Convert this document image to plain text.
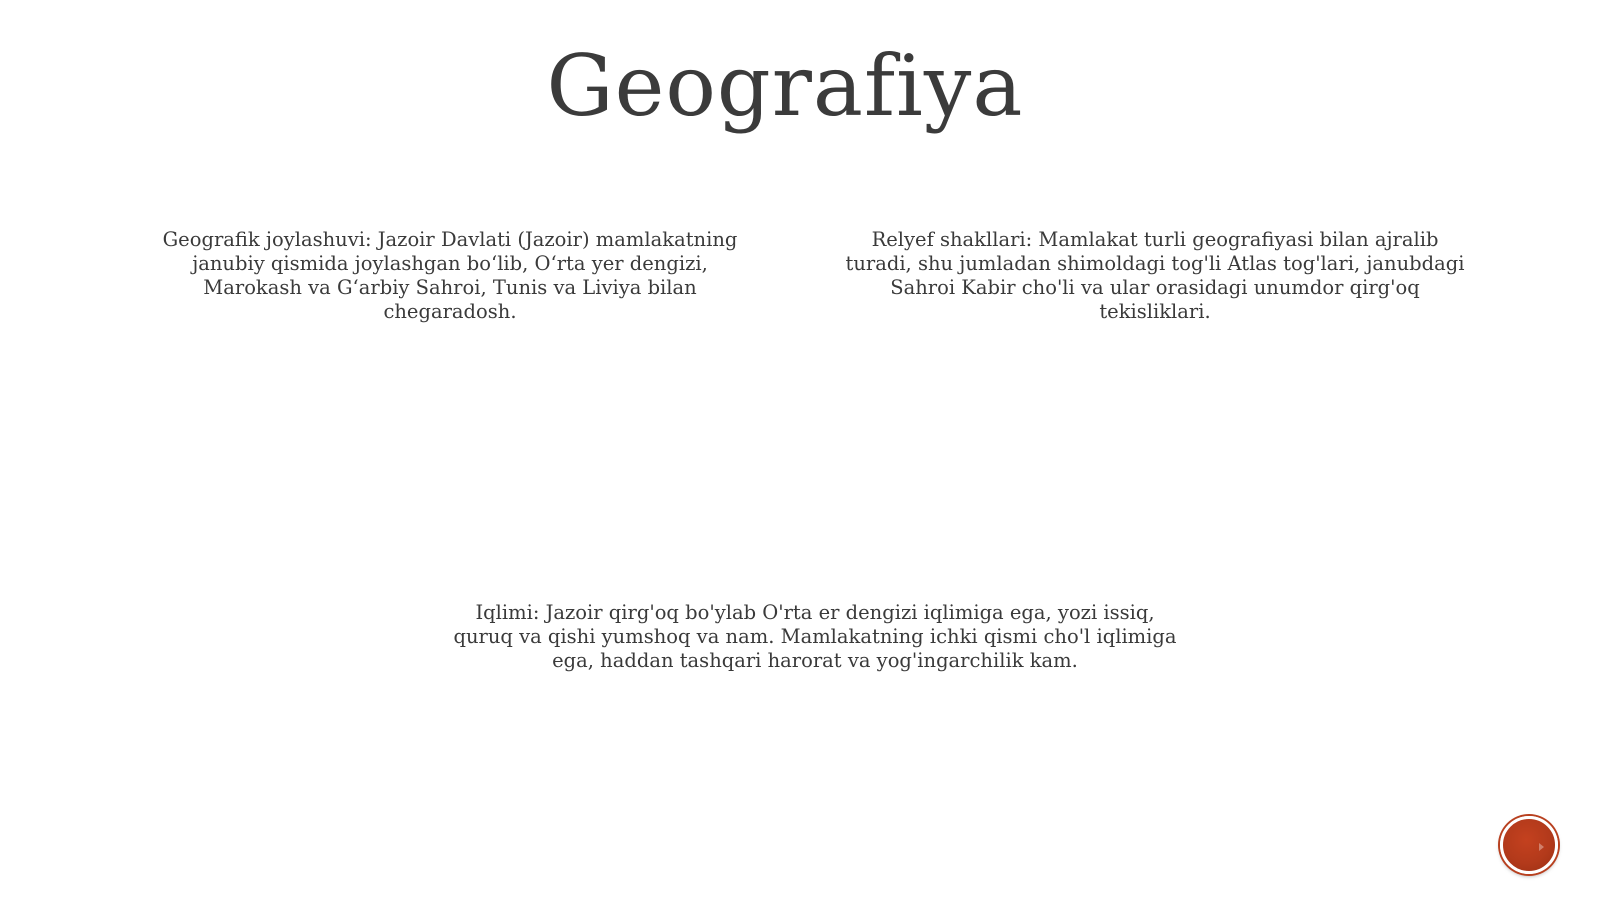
Geografiya

Geografik joylashuvi: Jazoir Davlati (Jazoir) mamlakatning janubiy qismida joylashgan bo‘lib, O‘rta yer dengizi, Marokash va G‘arbiy Sahroi, Tunis va Liviya bilan chegaradosh.

Relyef shakllari: Mamlakat turli geografiyasi bilan ajralib turadi, shu jumladan shimoldagi tog'li Atlas tog'lari, janubdagi Sahroi Kabir cho'li va ular orasidagi unumdor qirg'oq tekisliklari.

Iqlimi: Jazoir qirg'oq bo'ylab O'rta er dengizi iqlimiga ega, yozi issiq, quruq va qishi yumshoq va nam. Mamlakatning ichki qismi cho'l iqlimiga ega, haddan tashqari harorat va yog'ingarchilik kam.
